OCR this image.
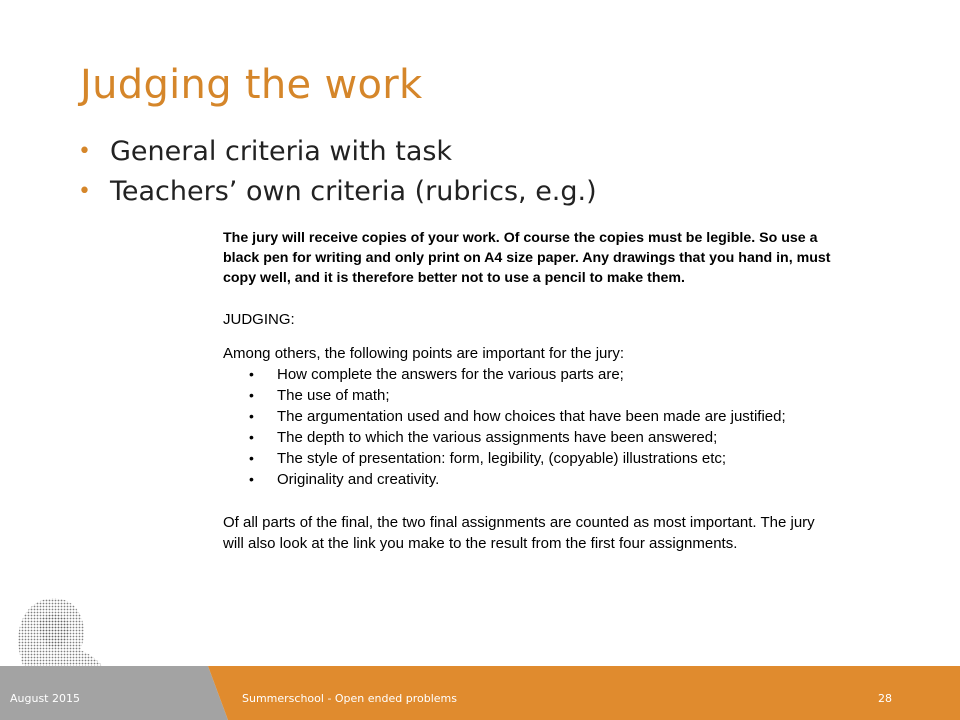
Judging the work
• General criteria with task
• Teachers’ own criteria (rubrics, e.g.)

The jury will receive copies of your work. Of course the copies must be legible. So use a black pen for writing and only print on A4 size paper. Any drawings that you hand in, must copy well, and it is therefore better not to use a pencil to make them.

JUDGING:

Among others, the following points are important for the jury:

• How complete the answers for the various parts are;
• The use of math;
• The argumentation used and how choices that have been made are justified;
• The depth to which the various assignments have been answered;
• The style of presentation: form, legibility, (copyable) illustrations etc;
• Originality and creativity.

Of all parts of the final, the two final assignments are counted as most important. The jury will also look at the link you make to the result from the first four assignments.

August 2015	Summerschool - Open ended problems	28
